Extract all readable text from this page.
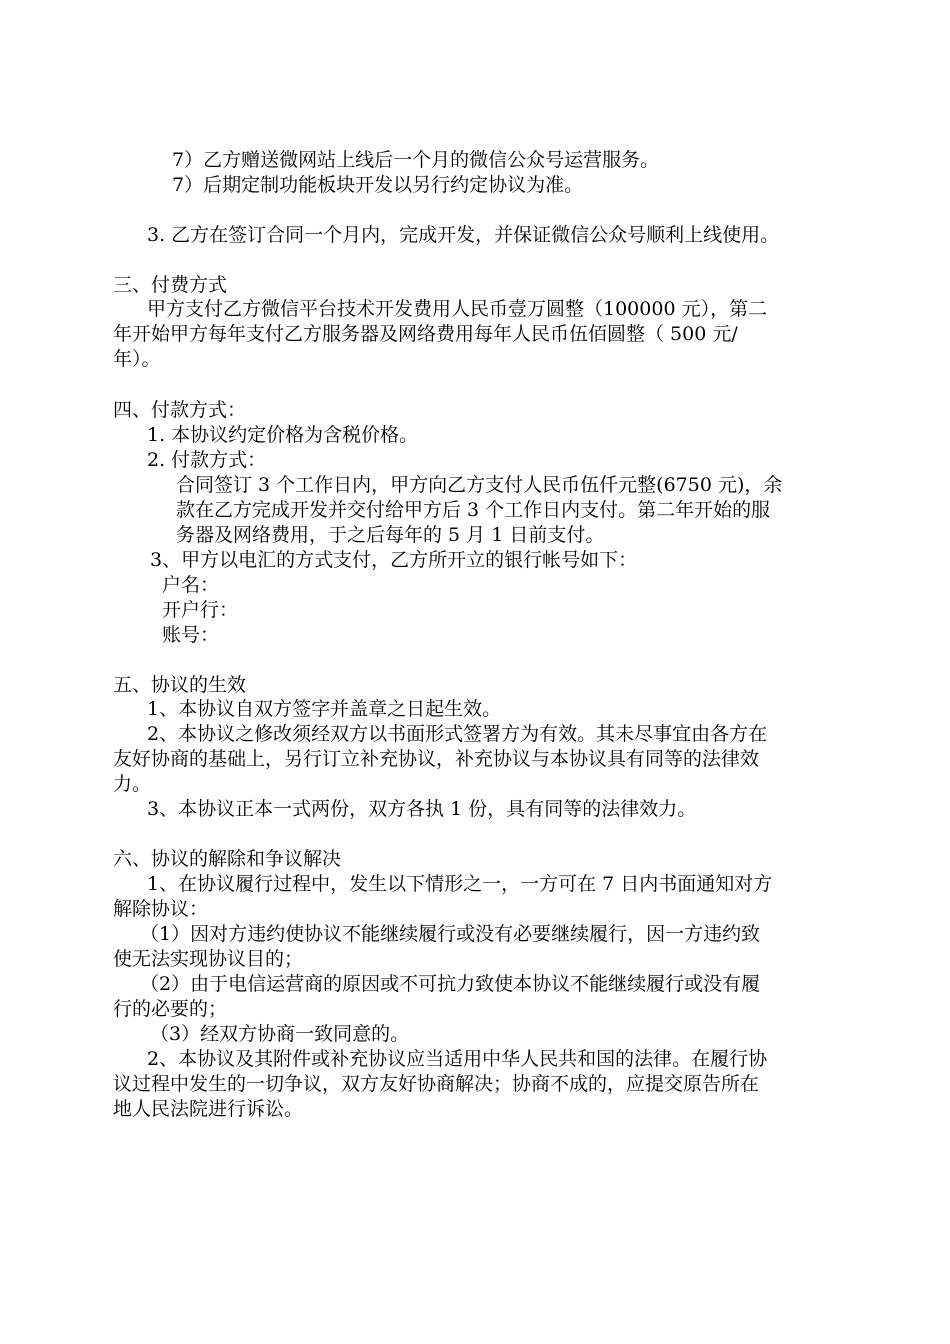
7）乙方赠送微网站上线后一个月的微信公众号运营服务。
7）后期定制功能板块开发以另行约定协议为准。
3. 乙方在签订合同一个月内，完成开发，并保证微信公众号顺利上线使用。
三、付费方式
甲方支付乙方微信平台技术开发费用人民币壹万圆整（100000 元），第二
年开始甲方每年支付乙方服务器及网络费用每年人民币伍佰圆整（ 500 元/
年）。
四、付款方式：
1. 本协议约定价格为含税价格。
2. 付款方式：
合同签订 3 个工作日内，甲方向乙方支付人民币伍仟元整(6750 元)，余
款在乙方完成开发并交付给甲方后 3 个工作日内支付。第二年开始的服
务器及网络费用，于之后每年的 5 月 1 日前支付。
3、甲方以电汇的方式支付，乙方所开立的银行帐号如下：
户名：
开户行：
账号：
五、协议的生效
1、本协议自双方签字并盖章之日起生效。
2、本协议之修改须经双方以书面形式签署方为有效。其未尽事宜由各方在
友好协商的基础上，另行订立补充协议，补充协议与本协议具有同等的法律效
力。
3、本协议正本一式两份，双方各执 1 份，具有同等的法律效力。
六、协议的解除和争议解决
1、在协议履行过程中，发生以下情形之一，一方可在 7 日内书面通知对方
解除协议：
（1）因对方违约使协议不能继续履行或没有必要继续履行，因一方违约致
使无法实现协议目的；
（2）由于电信运营商的原因或不可抗力致使本协议不能继续履行或没有履
行的必要的；
（3）经双方协商一致同意的。
2、本协议及其附件或补充协议应当适用中华人民共和国的法律。在履行协
议过程中发生的一切争议，双方友好协商解决；协商不成的，应提交原告所在
地人民法院进行诉讼。
